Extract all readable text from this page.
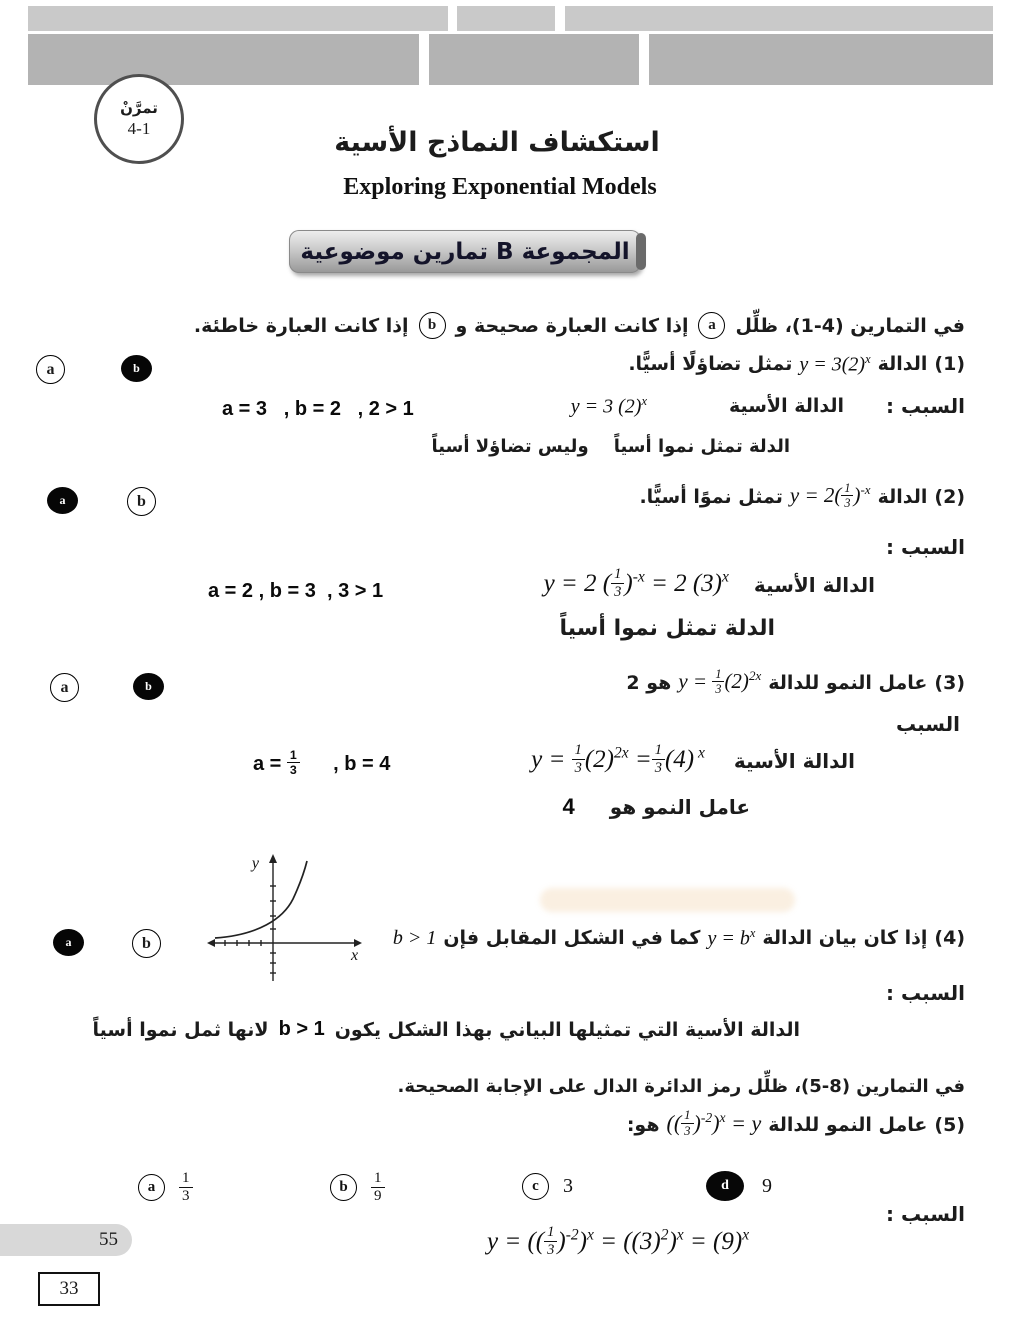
تمرَّنْ
4-1	استكشاف النماذج الأسية
Exploring Exponential Models
المجموعة B تمارين موضوعية
في التمارين (4-1)، ظلِّل
a
إذا كانت العبارة صحيحة و
b
إذا كانت العبارة خاطئة.
(1)
الدالة
$y = 3(2)^x$
تمثل تضاؤلًا أسيًّا.
a	b
السبب :
الدالة الأسية
y = 3 $(2)^x$
a = 3   , b = 2   , 2 > 1
الدلة تمثل نموا أسياً    وليس تضاؤلا أسياً
(2)
الدالة
$y = 2( \frac{1}{3} )^{-x}$
تمثل نموًا أسيًّا.
a	b
السبب :
الدالة الأسية
y = 2 ( $\frac{1}{3} )^{-x} = 2$ $(3)^x$
a = 2 , b = 3  , 3 > 1
الدلة تمثل نموا أسياً
(3)
عامل النمو للدالة
$y = \frac{1}{3} (2)^{2x}$
هو 2
a	b
السبب
الدالة الأسية
$y = \frac{1}{3} (2)^{2x} = \frac{1}{3} (4)$ $^x$
$a = \frac{1}{3}$ , b = 4
عامل النمو هو
4
y
x
(4)
إذا كان بيان الدالة
$y = b^x$
كما في الشكل المقابل فإن
b > 1
a	b
السبب :
الدالة الأسية التي تمثيلها البياني بهذا الشكل يكون
b > 1
لانها ثمل نموا أسياً
في التمارين (8-5)، ظلِّل رمز الدائرة الدال على الإجابة الصحيحة.
(5)
عامل النمو للدالة
(( $\frac{1}{3} )^{-2})^x = y$
هو:
a $\frac{1}{3}$	b $\frac{1}{9}$	c 3	d 9
السبب :
y = (( $\frac{1}{3} )^{-2})^x = ((3)^2)^x = (9)^x$
55
33
